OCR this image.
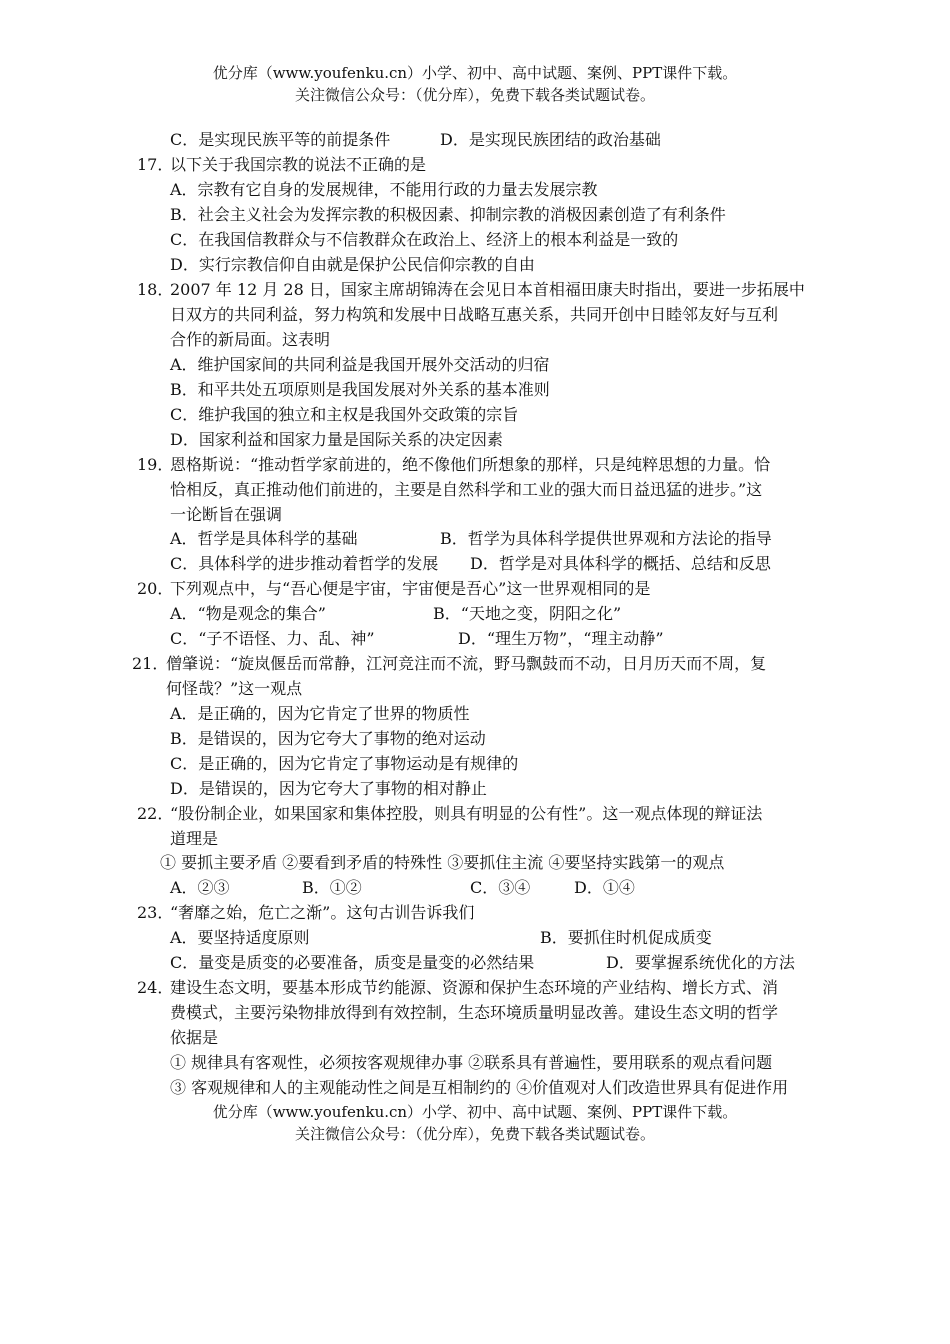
优分库（www.youfenku.cn）小学、初中、高中试题、案例、PPT课件下载。
关注微信公众号：（优分库），免费下载各类试题试卷。
C．是实现民族平等的前提条件	D．是实现民族团结的政治基础
17．
以下关于我国宗教的说法不正确的是
A．宗教有它自身的发展规律，不能用行政的力量去发展宗教
B．社会主义社会为发挥宗教的积极因素、抑制宗教的消极因素创造了有利条件
C．在我国信教群众与不信教群众在政治上、经济上的根本利益是一致的
D．实行宗教信仰自由就是保护公民信仰宗教的自由
18．
2007 年 12 月 28 日，国家主席胡锦涛在会见日本首相福田康夫时指出，要进一步拓展中
日双方的共同利益，努力构筑和发展中日战略互惠关系，共同开创中日睦邻友好与互利
合作的新局面。这表明
A．维护国家间的共同利益是我国开展外交活动的归宿
B．和平共处五项原则是我国发展对外关系的基本准则
C．维护我国的独立和主权是我国外交政策的宗旨
D．国家利益和国家力量是国际关系的决定因素
19．
恩格斯说：“推动哲学家前进的，绝不像他们所想象的那样，只是纯粹思想的力量。恰
恰相反，真正推动他们前进的，主要是自然科学和工业的强大而日益迅猛的进步。”这
一论断旨在强调
A．哲学是具体科学的基础	B．哲学为具体科学提供世界观和方法论的指导
C．具体科学的进步推动着哲学的发展 D．哲学是对具体科学的概括、总结和反思
20．
下列观点中，与“吾心便是宇宙，宇宙便是吾心”这一世界观相同的是
A．“物是观念的集合”	B．“天地之变，阴阳之化”
C．“子不语怪、力、乱、神”	D．“理生万物”，“理主动静”
21．
僧肇说：“旋岚偃岳而常静，江河竞注而不流，野马飘鼓而不动，日月历天而不周，复
何怪哉？”这一观点
A．是正确的，因为它肯定了世界的物质性
B．是错误的，因为它夸大了事物的绝对运动
C．是正确的，因为它肯定了事物运动是有规律的
D．是错误的，因为它夸大了事物的相对静止
22．
“股份制企业，如果国家和集体控股，则具有明显的公有性”。这一观点体现的辩证法
道理是
① 要抓主要矛盾 ②要看到矛盾的特殊性 ③要抓住主流 ④要坚持实践第一的观点
A．②③	B．①②	C．③④	D．①④
23．
“奢靡之始，危亡之渐”。这句古训告诉我们
A．要坚持适度原则	B．要抓住时机促成质变
C．量变是质变的必要准备，质变是量变的必然结果	D．要掌握系统优化的方法
24．
建设生态文明，要基本形成节约能源、资源和保护生态环境的产业结构、增长方式、消
费模式，主要污染物排放得到有效控制，生态环境质量明显改善。建设生态文明的哲学
依据是
① 规律具有客观性，必须按客观规律办事 ②联系具有普遍性，要用联系的观点看问题
③ 客观规律和人的主观能动性之间是互相制约的 ④价值观对人们改造世界具有促进作用
优分库（www.youfenku.cn）小学、初中、高中试题、案例、PPT课件下载。
关注微信公众号：（优分库），免费下载各类试题试卷。
